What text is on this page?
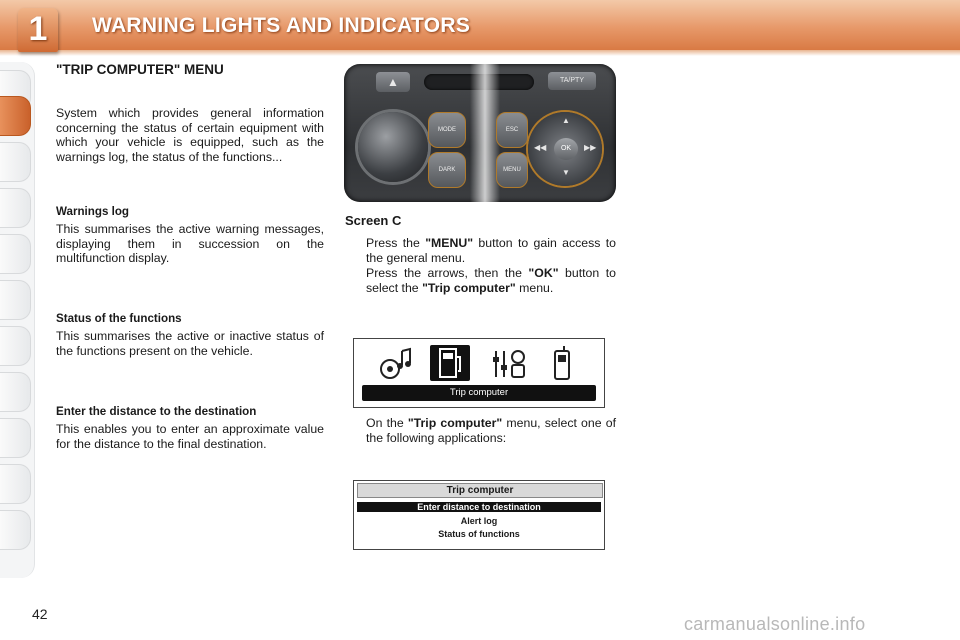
1	WARNING LIGHTS AND INDICATORS
"TRIP COMPUTER" MENU
System which provides general information concerning the status of certain equipment with which your vehicle is equipped, such as the warnings log, the status of the functions...
Warnings log
This summarises the active warning messages, displaying them in succession on the multifunction display.
Status of the functions
This summarises the active or inactive status of the functions present on the vehicle.
Enter the distance to the destination
This enables you to enter an approximate value for the distance to the final destination.
▲	TA/PTY
MODE
DARK
ESC
MENU
OK
▲
▼
◀◀	▶▶
Screen C
Press the "MENU" button to gain access to the general menu.
Press the arrows, then the "OK" button to select the "Trip computer" menu.
Trip computer
On the "Trip computer" menu, select one of the following applications:
Trip computer
Enter distance to destination
Alert log
Status of functions
42	carmanualsonline.info
